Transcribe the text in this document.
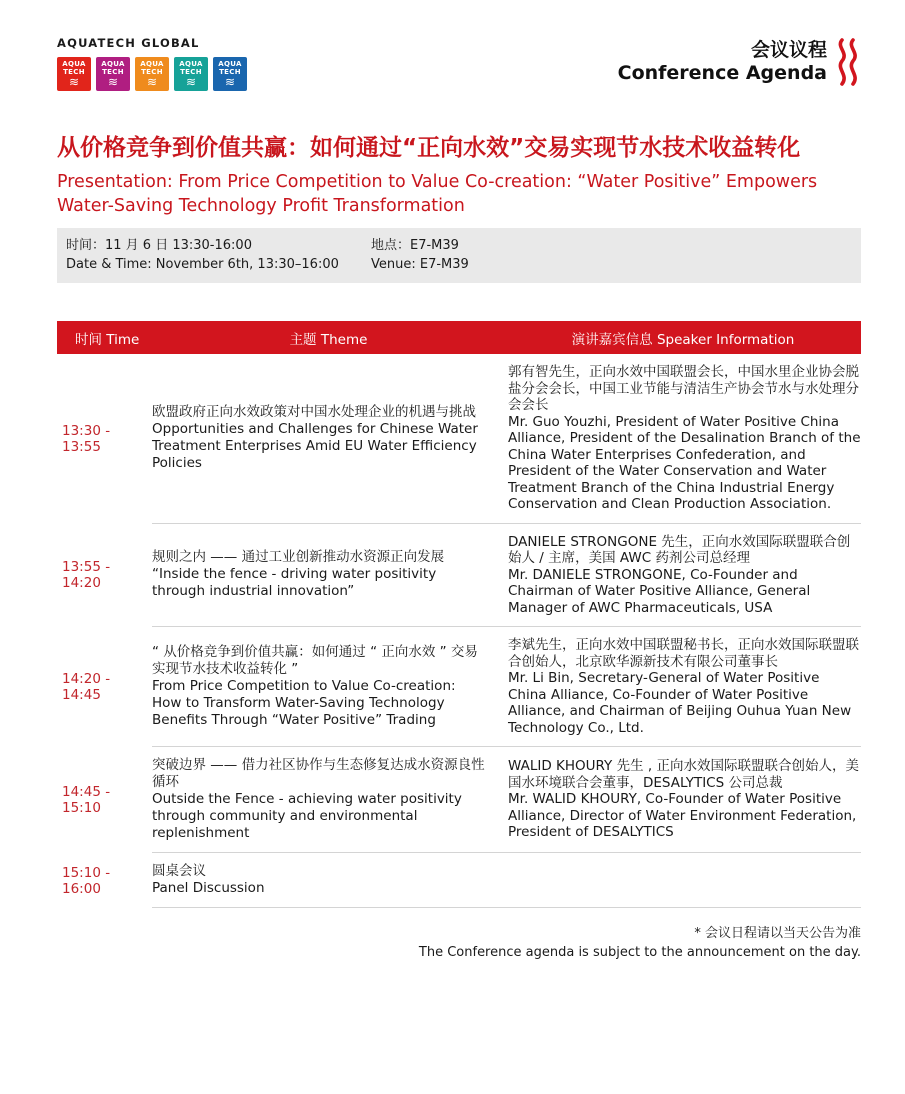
AQUATECH GLOBAL
AQUA TECH
≋
AQUA TECH
≋
AQUA TECH
≋
AQUA TECH
≋
AQUA TECH
≋
会议议程
Conference Agenda
从价格竞争到价值共赢：如何通过“正向水效”交易实现节水技术收益转化
Presentation: From Price Competition to Value Co-creation: “Water Positive” Empowers Water-Saving Technology Profit Transformation
时间：11 月 6 日 13:30-16:00
Date & Time: November 6th, 13:30–16:00
地点：E7-M39
Venue: E7-M39
时间 Time	主题 Theme	演讲嘉宾信息 Speaker Information
13:30 - 13:55
欧盟政府正向水效政策对中国水处理企业的机遇与挑战
Opportunities and Challenges for Chinese Water Treatment Enterprises Amid EU Water Efficiency Policies
郭有智先生，正向水效中国联盟会长，中国水里企业协会脱盐分会会长，中国工业节能与清洁生产协会节水与水处理分会会长
Mr. Guo Youzhi, President of Water Positive China Alliance, President of the Desalination Branch of the China Water Enterprises Confederation, and President of the Water Conservation and Water Treatment Branch of the China Industrial Energy Conservation and Clean Production Association.
13:55 - 14:20
规则之内 —— 通过工业创新推动水资源正向发展
“Inside the fence - driving water positivity through industrial innovation”
DANIELE STRONGONE 先生，正向水效国际联盟联合创始人 / 主席，美国 AWC 药剂公司总经理
Mr. DANIELE STRONGONE, Co-Founder and Chairman of Water Positive Alliance, General Manager of AWC Pharmaceuticals, USA
14:20 - 14:45
“ 从价格竞争到价值共赢：如何通过 “ 正向水效 ” 交易实现节水技术收益转化 ”
From Price Competition to Value Co-creation: How to Transform Water-Saving Technology Benefits Through “Water Positive” Trading
李斌先生，正向水效中国联盟秘书长，正向水效国际联盟联合创始人，北京欧华源新技术有限公司董事长
Mr. Li Bin, Secretary-General of Water Positive China Alliance, Co-Founder of Water Positive Alliance, and Chairman of Beijing Ouhua Yuan New Technology Co., Ltd.
14:45 - 15:10
突破边界 —— 借力社区协作与生态修复达成水资源良性循环
Outside the Fence - achieving water positivity through community and environmental replenishment
WALID KHOURY 先生 , 正向水效国际联盟联合创始人，美国水环境联合会董事，DESALYTICS 公司总裁
Mr. WALID KHOURY, Co-Founder of Water Positive Alliance, Director of Water Environment Federation, President of DESALYTICS
15:10 - 16:00
圆桌会议
Panel Discussion
* 会议日程请以当天公告为准
The Conference agenda is subject to the announcement on the day.
